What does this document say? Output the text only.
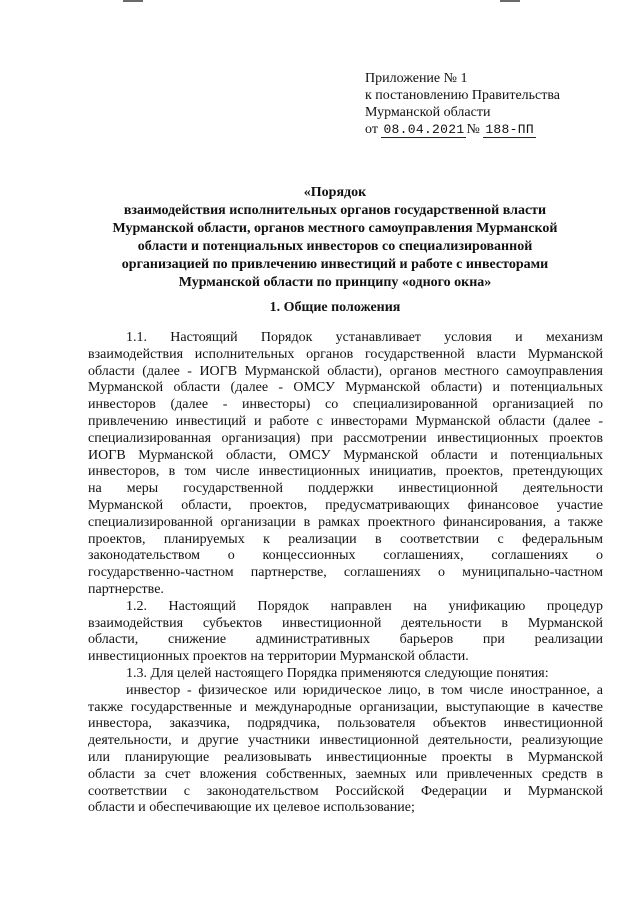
Приложение № 1
к постановлению Правительства
Мурманской области
от 08.04.2021 № 188-ПП
«Порядок
взаимодействия исполнительных органов государственной власти
Мурманской области, органов местного самоуправления Мурманской
области и потенциальных инвесторов со специализированной
организацией по привлечению инвестиций и работе с инвесторами
Мурманской области по принципу «одного окна»
1. Общие положения

1.1. Настоящий Порядок устанавливает условия и механизм
взаимодействия исполнительных органов государственной власти Мурманской
области (далее - ИОГВ Мурманской области), органов местного самоуправления
Мурманской области (далее - ОМСУ Мурманской области) и потенциальных
инвесторов (далее - инвесторы) со специализированной организацией по
привлечению инвестиций и работе с инвесторами Мурманской области (далее -
специализированная организация) при рассмотрении инвестиционных проектов
ИОГВ Мурманской области, ОМСУ Мурманской области и потенциальных
инвесторов, в том числе инвестиционных инициатив, проектов, претендующих
на меры государственной поддержки инвестиционной деятельности
Мурманской области, проектов, предусматривающих финансовое участие
специализированной организации в рамках проектного финансирования, а также
проектов, планируемых к реализации в соответствии с федеральным
законодательством о концессионных соглашениях, соглашениях о
государственно-частном партнерстве, соглашениях о муниципально-частном
партнерстве.

1.2. Настоящий Порядок направлен на унификацию процедур
взаимодействия субъектов инвестиционной деятельности в Мурманской
области, снижение административных барьеров при реализации
инвестиционных проектов на территории Мурманской области.

1.3. Для целей настоящего Порядка применяются следующие понятия:

инвестор - физическое или юридическое лицо, в том числе иностранное, а
также государственные и международные организации, выступающие в качестве
инвестора, заказчика, подрядчика, пользователя объектов инвестиционной
деятельности, и другие участники инвестиционной деятельности, реализующие
или планирующие реализовывать инвестиционные проекты в Мурманской
области за счет вложения собственных, заемных или привлеченных средств в
соответствии с законодательством Российской Федерации и Мурманской
области и обеспечивающие их целевое использование;
